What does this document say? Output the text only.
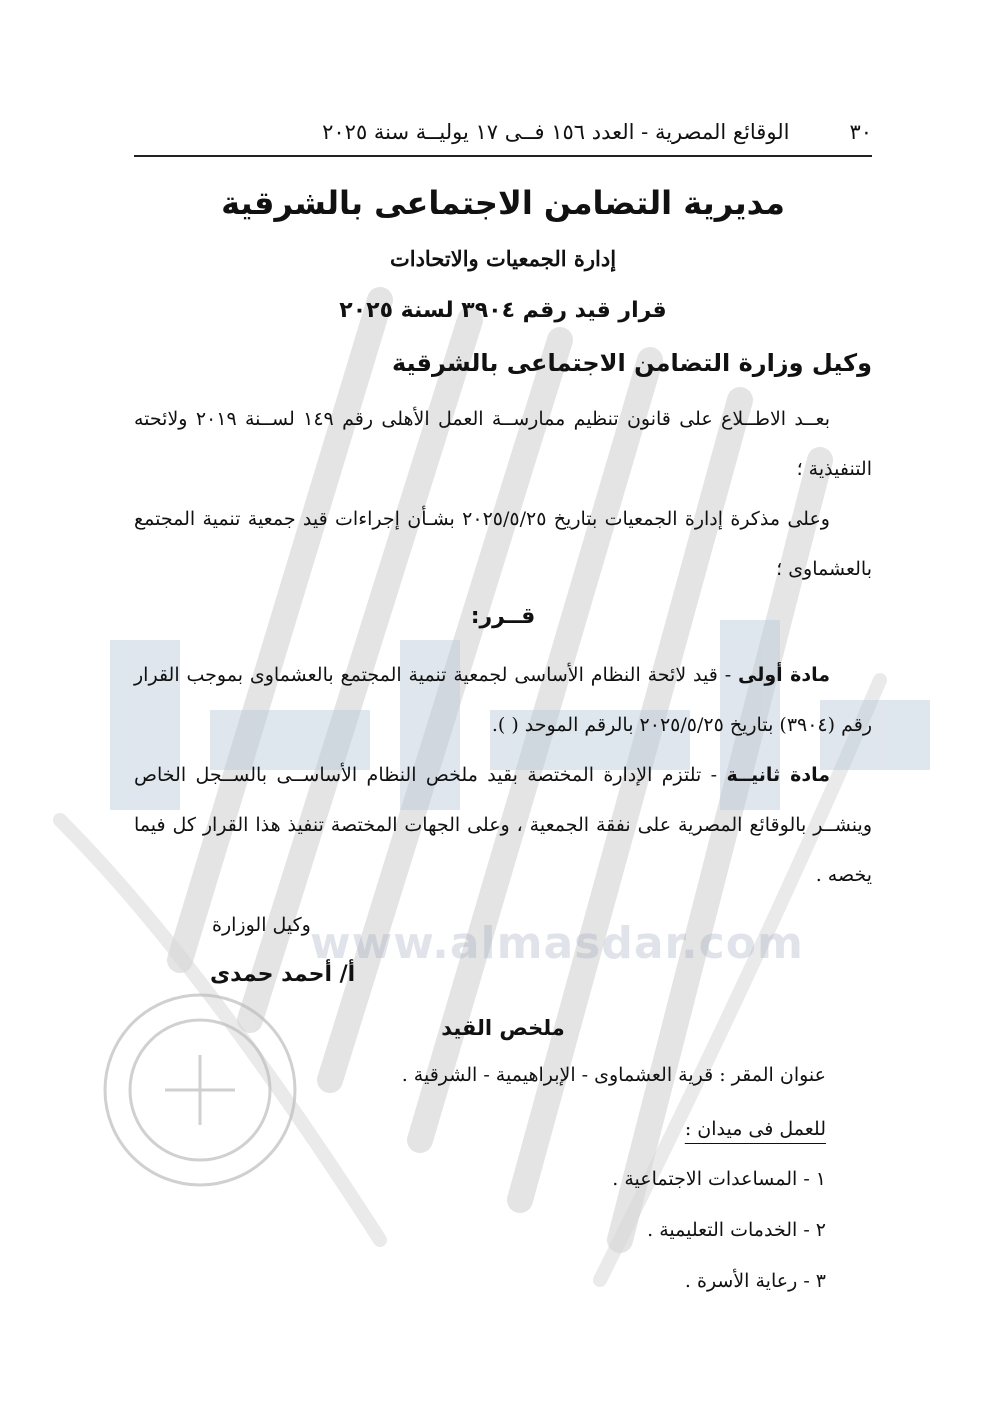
www.almasdar.com
٣٠
الوقائع المصرية - العدد ١٥٦ فــى ١٧ يوليــة سنة ٢٠٢٥
مديرية التضامن الاجتماعى بالشرقية
إدارة الجمعيات والاتحادات
قرار قيد رقم ٣٩٠٤ لسنة ٢٠٢٥
وكيل وزارة التضامن الاجتماعى بالشرقية
بعــد الاطــلاع على قانون تنظيم ممارســة العمل الأهلى رقم ١٤٩ لســنة ٢٠١٩ ولائحته التنفيذية ؛
وعلى مذكرة إدارة الجمعيات بتاريخ ٢٠٢٥/٥/٢٥ بشـأن إجراءات قيد جمعية تنمية المجتمع بالعشماوى ؛
قــرر:
مادة أولى - قيد لائحة النظام الأساسى لجمعية تنمية المجتمع بالعشماوى بموجب القرار رقم (٣٩٠٤) بتاريخ ٢٠٢٥/٥/٢٥ بالرقم الموحد ( ).
مادة ثانيــة - تلتزم الإدارة المختصة بقيد ملخص النظام الأساســى بالســجل الخاص وينشــر بالوقائع المصرية على نفقة الجمعية ، وعلى الجهات المختصة تنفيذ هذا القرار كل فيما يخصه .
وكيل الوزارة
أ/ أحمد حمدى
ملخص القيد
عنوان المقر : قرية العشماوى - الإبراهيمية - الشرقية .
للعمل فى ميدان :
١ - المساعدات الاجتماعية .
٢ - الخدمات التعليمية .
٣ - رعاية الأسرة .
